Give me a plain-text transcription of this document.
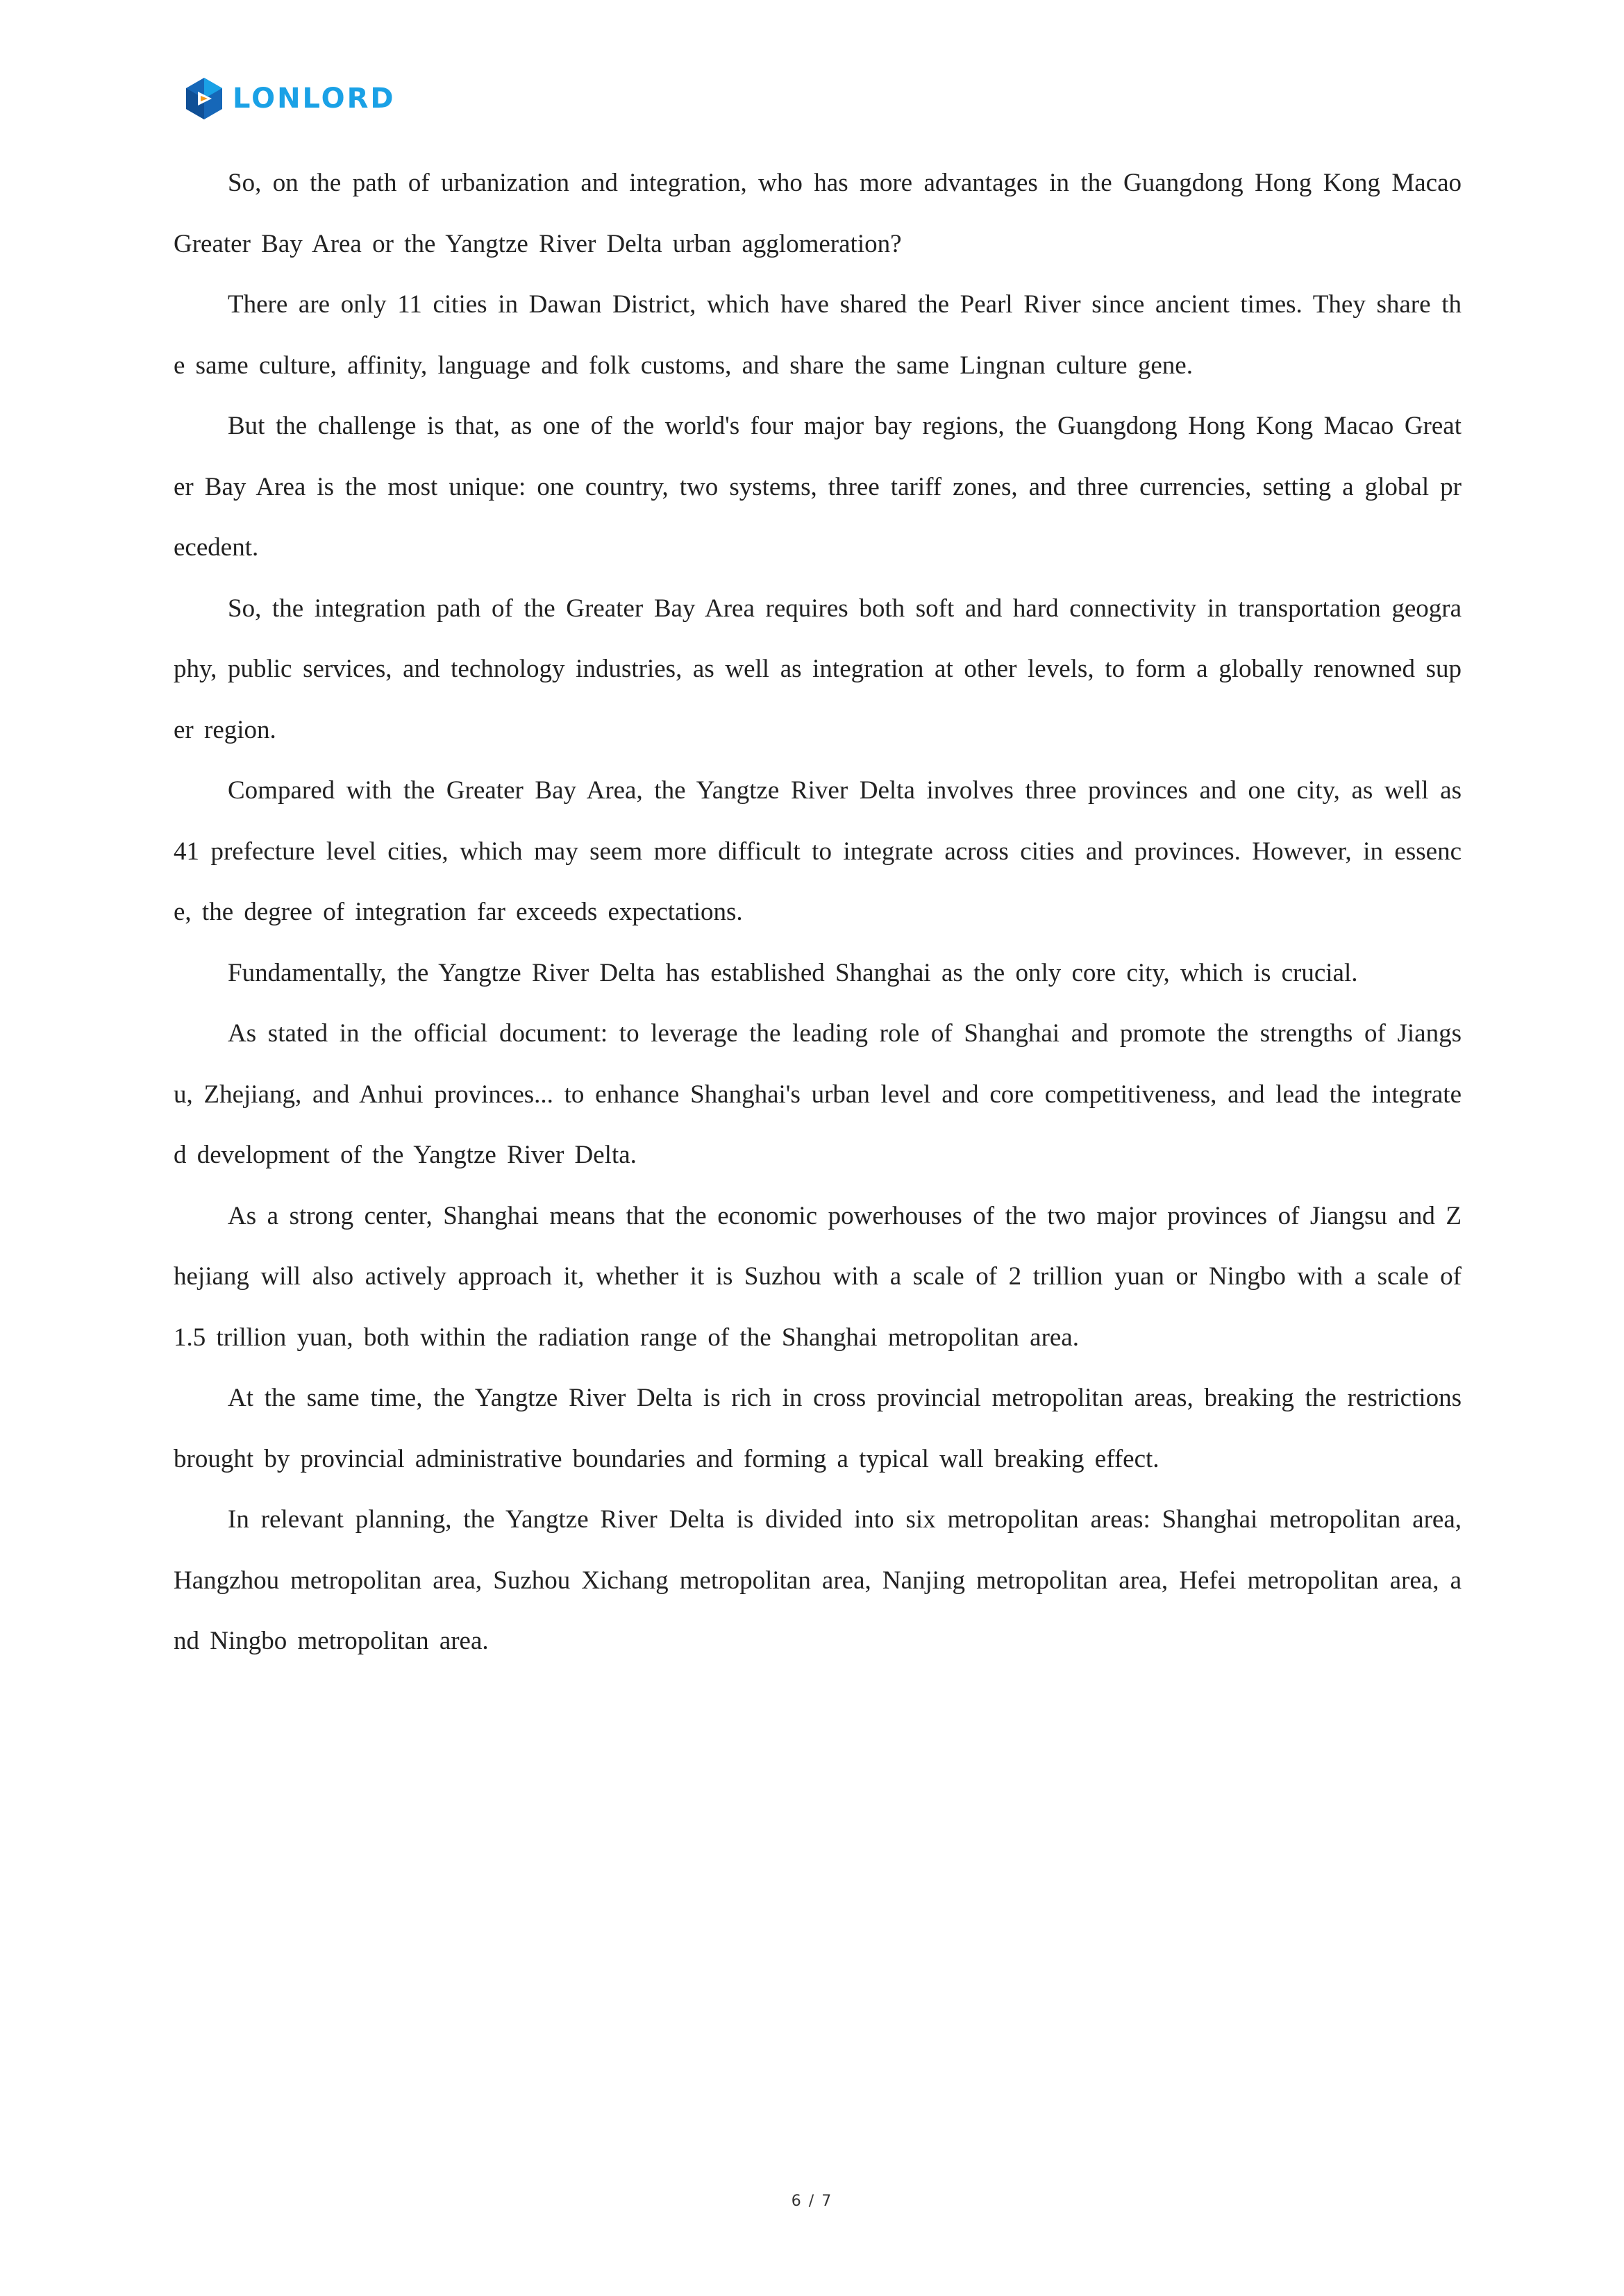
LONLORD

So, on the path of urbanization and integration, who has more advantages in the Guangdong Hong Kong Macao Greater Bay Area or the Yangtze River Delta urban agglomeration?

There are only 11 cities in Dawan District, which have shared the Pearl River since ancient times. They share the same culture, affinity, language and folk customs, and share the same Lingnan culture gene.

But the challenge is that, as one of the world's four major bay regions, the Guangdong Hong Kong Macao Greater Bay Area is the most unique: one country, two systems, three tariff zones, and three currencies, setting a global precedent.

So, the integration path of the Greater Bay Area requires both soft and hard connectivity in transportation geography, public services, and technology industries, as well as integration at other levels, to form a globally renowned super region.

Compared with the Greater Bay Area, the Yangtze River Delta involves three provinces and one city, as well as 41 prefecture level cities, which may seem more difficult to integrate across cities and provinces. However, in essence, the degree of integration far exceeds expectations.

Fundamentally, the Yangtze River Delta has established Shanghai as the only core city, which is crucial.

As stated in the official document: to leverage the leading role of Shanghai and promote the strengths of Jiangsu, Zhejiang, and Anhui provinces... to enhance Shanghai's urban level and core competitiveness, and lead the integrated development of the Yangtze River Delta.

As a strong center, Shanghai means that the economic powerhouses of the two major provinces of Jiangsu and Zhejiang will also actively approach it, whether it is Suzhou with a scale of 2 trillion yuan or Ningbo with a scale of 1.5 trillion yuan, both within the radiation range of the Shanghai metropolitan area.

At the same time, the Yangtze River Delta is rich in cross provincial metropolitan areas, breaking the restrictions brought by provincial administrative boundaries and forming a typical wall breaking effect.

In relevant planning, the Yangtze River Delta is divided into six metropolitan areas: Shanghai metropolitan area, Hangzhou metropolitan area, Suzhou Xichang metropolitan area, Nanjing metropolitan area, Hefei metropolitan area, and Ningbo metropolitan area.

6 / 7
